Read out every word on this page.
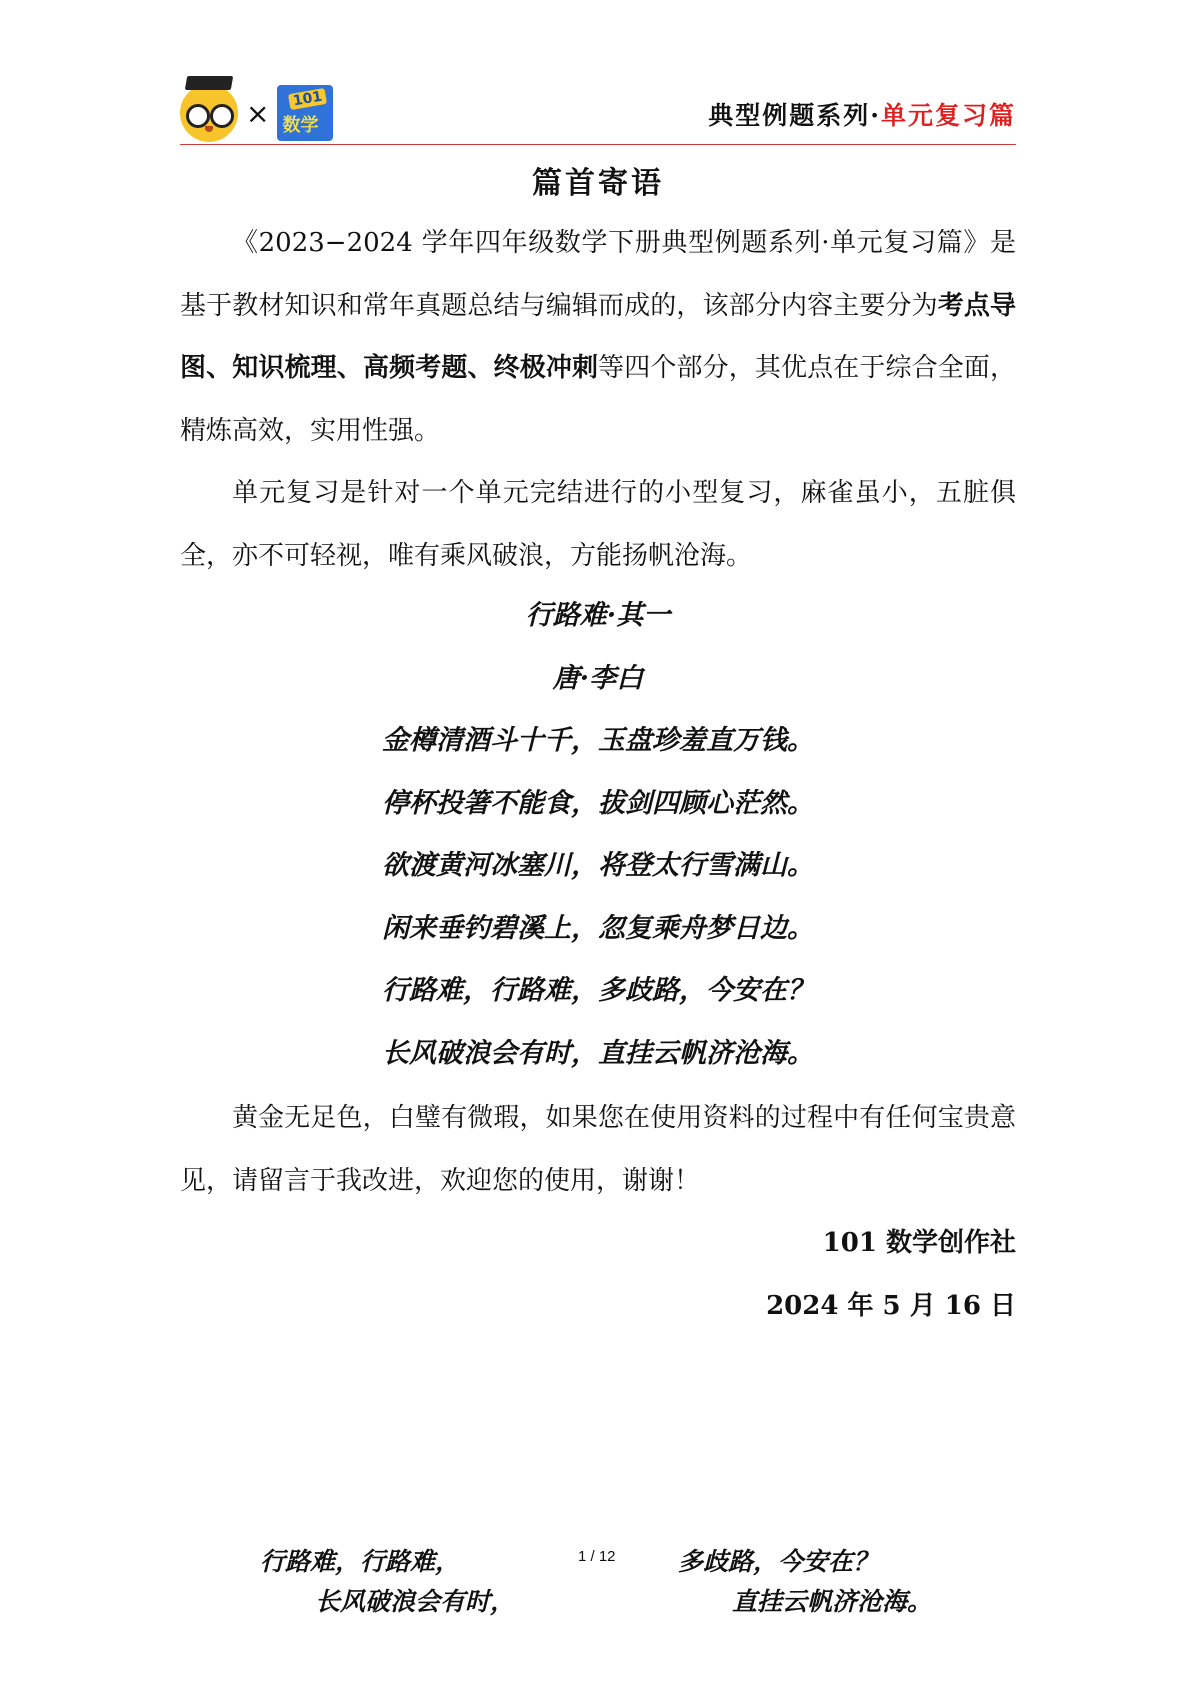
× 101
数学	典型例题系列·单元复习篇
篇首寄语

《2023−2024 学年四年级数学下册典型例题系列·单元复习篇》是基于教材知识和常年真题总结与编辑而成的，该部分内容主要分为考点导图、知识梳理、高频考题、终极冲刺等四个部分，其优点在于综合全面，精炼高效，实用性强。

单元复习是针对一个单元完结进行的小型复习，麻雀虽小，五脏俱全，亦不可轻视，唯有乘风破浪，方能扬帆沧海。

行路难·其一
唐·李白
金樽清酒斗十千，玉盘珍羞直万钱。
停杯投箸不能食，拔剑四顾心茫然。
欲渡黄河冰塞川，将登太行雪满山。
闲来垂钓碧溪上，忽复乘舟梦日边。
行路难，行路难，多歧路，今安在？
长风破浪会有时，直挂云帆济沧海。

黄金无足色，白璧有微瑕，如果您在使用资料的过程中有任何宝贵意见，请留言于我改进，欢迎您的使用，谢谢！

101 数学创作社
2024 年 5 月 16 日
行路难，行路难，
长风破浪会有时，
1 / 12 多歧路，今安在？
直挂云帆济沧海。
